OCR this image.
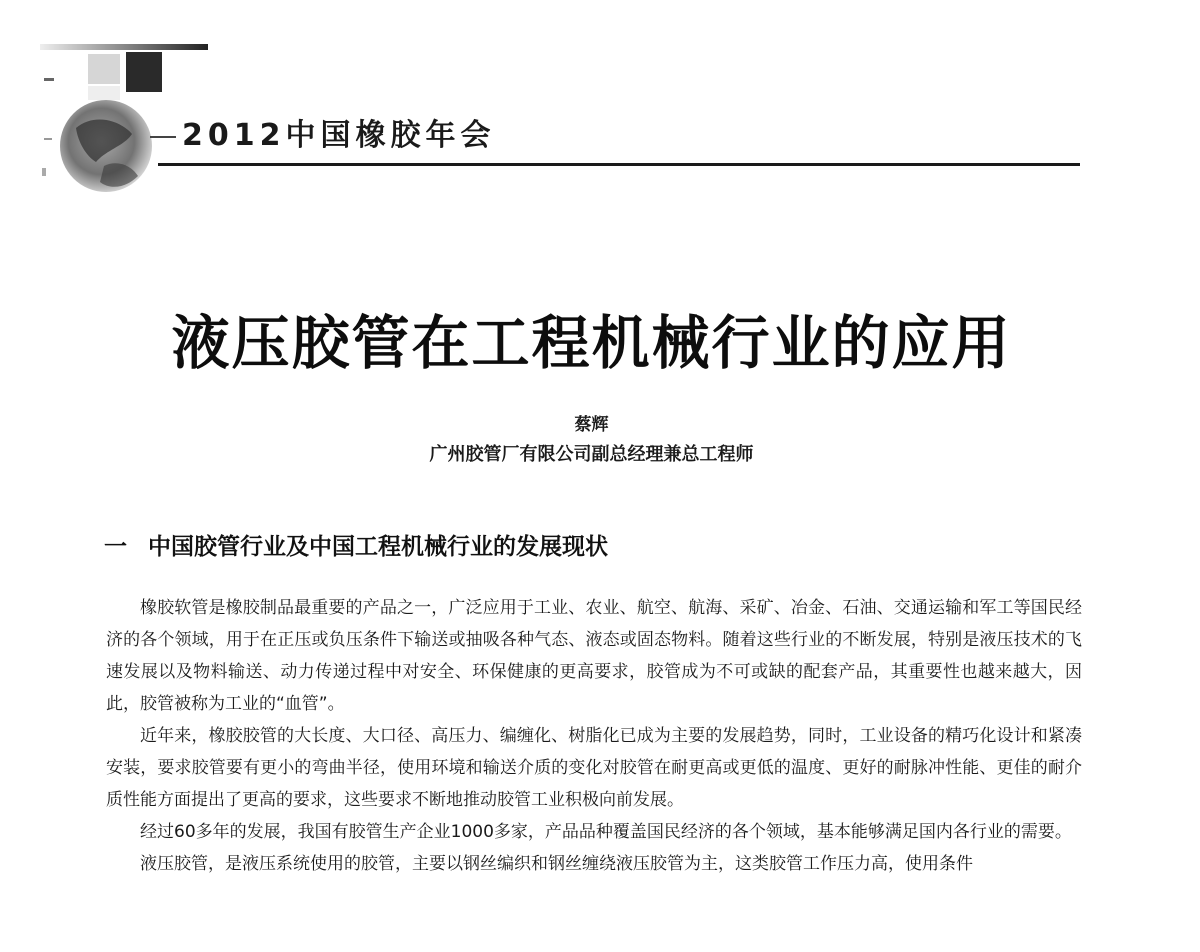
2012中国橡胶年会
液压胶管在工程机械行业的应用
蔡辉
广州胶管厂有限公司副总经理兼总工程师
一 中国胶管行业及中国工程机械行业的发展现状

橡胶软管是橡胶制品最重要的产品之一，广泛应用于工业、农业、航空、航海、采矿、冶金、石油、交通运输和军工等国民经济的各个领域，用于在正压或负压条件下输送或抽吸各种气态、液态或固态物料。随着这些行业的不断发展，特别是液压技术的飞速发展以及物料输送、动力传递过程中对安全、环保健康的更高要求，胶管成为不可或缺的配套产品，其重要性也越来越大，因此，胶管被称为工业的“血管”。

近年来，橡胶胶管的大长度、大口径、高压力、编缠化、树脂化已成为主要的发展趋势，同时，工业设备的精巧化设计和紧凑安装，要求胶管要有更小的弯曲半径，使用环境和输送介质的变化对胶管在耐更高或更低的温度、更好的耐脉冲性能、更佳的耐介质性能方面提出了更高的要求，这些要求不断地推动胶管工业积极向前发展。

经过60多年的发展，我国有胶管生产企业1000多家，产品品种覆盖国民经济的各个领域，基本能够满足国内各行业的需要。

液压胶管，是液压系统使用的胶管，主要以钢丝编织和钢丝缠绕液压胶管为主，这类胶管工作压力高，使用条件
